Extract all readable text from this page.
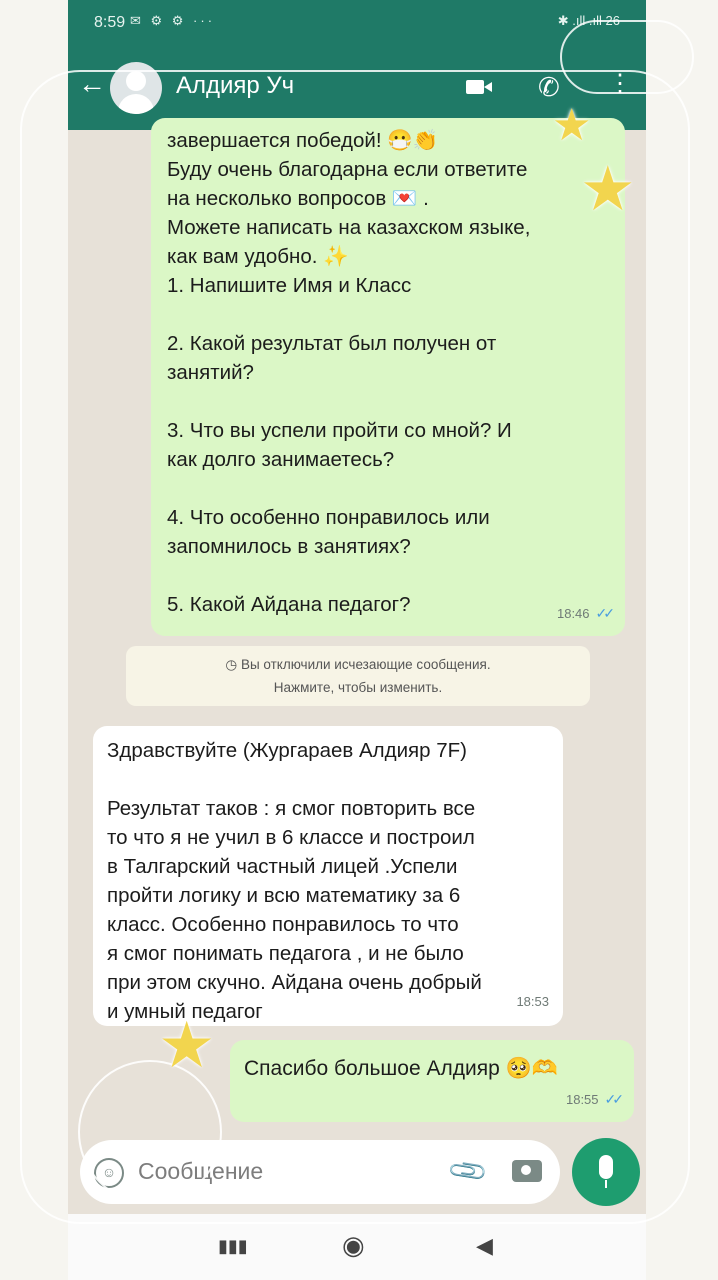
8:59 ✉ ⚙ ⚙ ···	✱ .ıll .ıll 26
←	Алдияр Уч	✆ ⋮

завершается победой! 😷👏

Буду очень благодарна если ответите

на несколько вопросов 💌 .

Можете написать на казахском языке,

как вам удобно. ✨

1. Напишите Имя и Класс

2. Какой результат был получен от

занятий?

3. Что вы успели пройти со мной? И

как долго занимаетесь?

4. Что особенно понравилось или

запомнилось в занятиях?

5. Какой Айдана педагог?	18:46 ✓✓
◷ Вы отключили исчезающие сообщения.
Нажмите, чтобы изменить.

Здравствуйте (Жургараев Алдияр 7F)

Результат таков : я смог повторить все

то что я не учил в 6 классе и построил

в Талгарский частный лицей .Успели

пройти логику и всю математику за 6

класс. Особенно понравилось то что

я смог понимать педагога , и не было

при этом скучно. Айдана очень добрый

и умный педагог	18:53
Спасибо большое Алдияр 🥺🫶
18:55 ✓✓
☺ Сообщение	📎
▮▮▮	◉	◀
★
★
★
